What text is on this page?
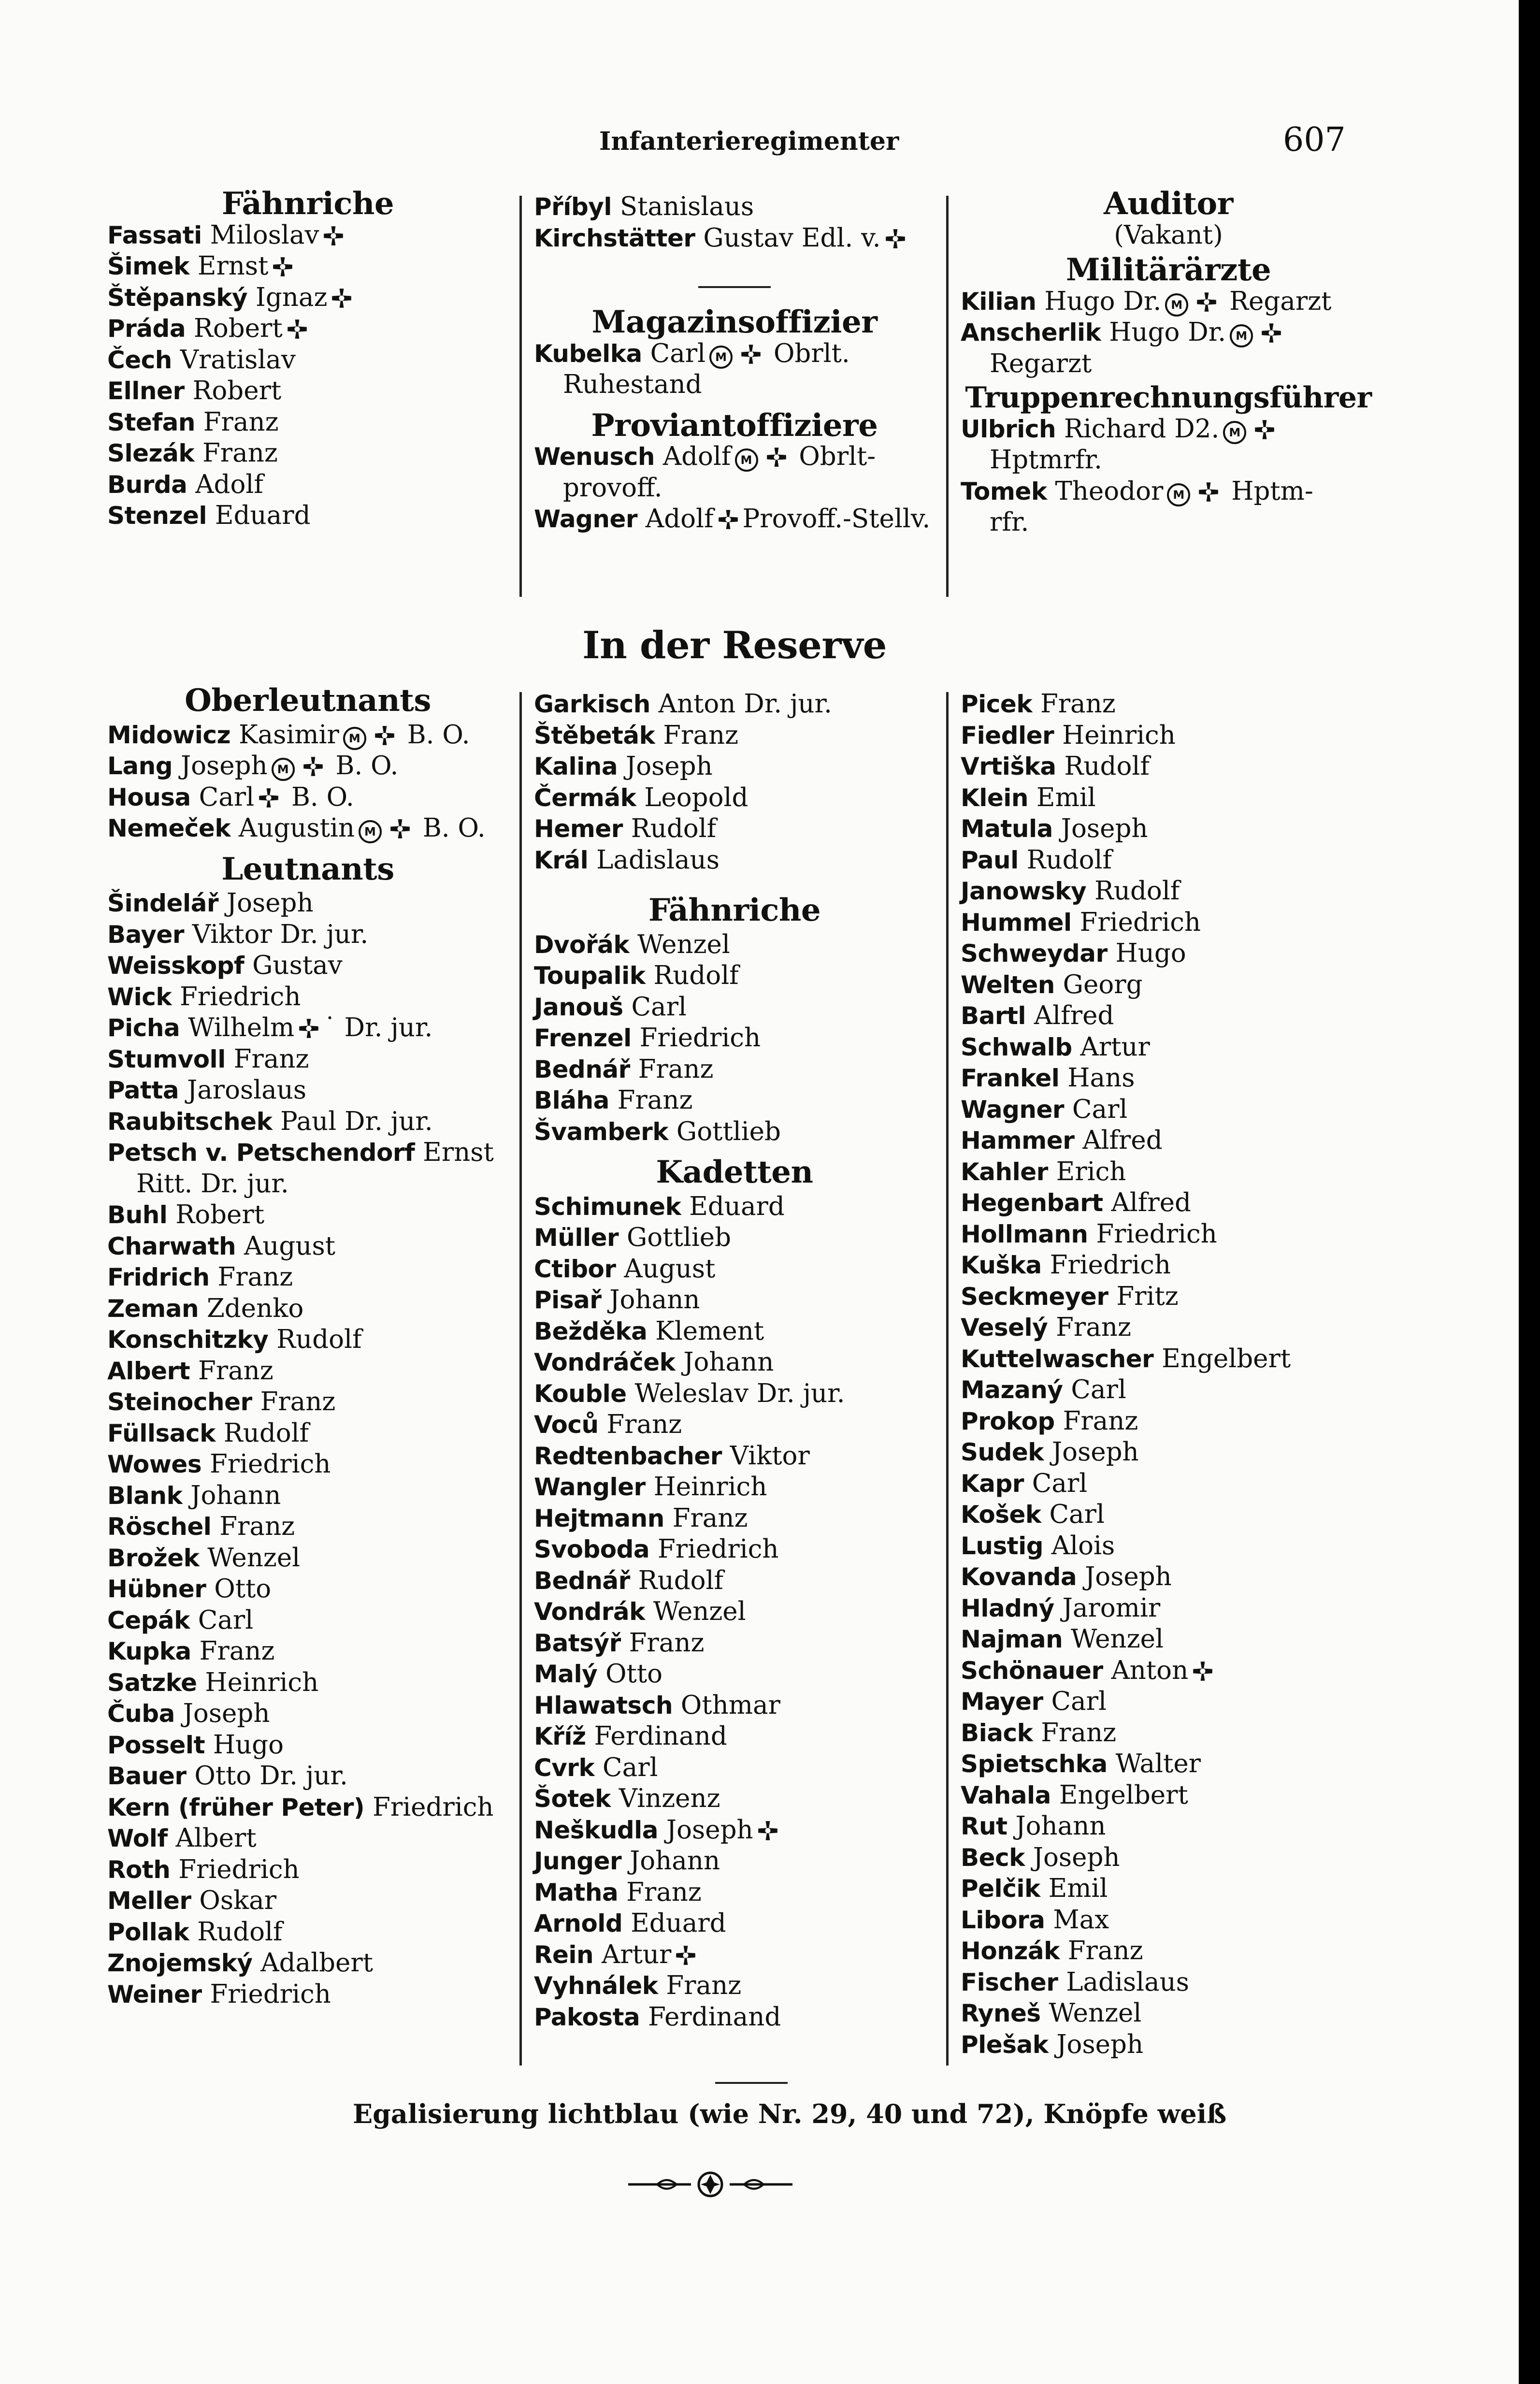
Infanterieregimenter	607
Fähnriche
Fassati Miloslav
Šimek Ernst
Štěpanský Ignaz
Práda Robert
Čech Vratislav
Ellner Robert
Stefan Franz
Slezák Franz
Burda Adolf
Stenzel Eduard
Oberleutnants
Midowicz Kasimir M B. O.
Lang Joseph M B. O.
Housa Carl B. O.
Nemeček Augustin M B. O.
Leutnants
Šindelář Joseph
Bayer Viktor Dr. jur.
Weisskopf Gustav
Wick Friedrich
Picha Wilhelm ˙ Dr. jur.
Stumvoll Franz
Patta Jaroslaus
Raubitschek Paul Dr. jur.
Petsch v. Petschendorf Ernst
Ritt. Dr. jur.
Buhl Robert
Charwath August
Fridrich Franz
Zeman Zdenko
Konschitzky Rudolf
Albert Franz
Steinocher Franz
Füllsack Rudolf
Wowes Friedrich
Blank Johann
Röschel Franz
Brožek Wenzel
Hübner Otto
Cepák Carl
Kupka Franz
Satzke Heinrich
Čuba Joseph
Posselt Hugo
Bauer Otto Dr. jur.
Kern (früher Peter) Friedrich
Wolf Albert
Roth Friedrich
Meller Oskar
Pollak Rudolf
Znojemský Adalbert
Weiner Friedrich
Příbyl Stanislaus
Kirchstätter Gustav Edl. v.
Magazinsoffizier
Kubelka Carl M Obrlt.
Ruhestand
Proviantoffiziere
Wenusch Adolf M Obrlt-
provoff.
Wagner Adolf Provoff.-Stellv.
In der Reserve
Garkisch Anton Dr. jur.
Štěbeták Franz
Kalina Joseph
Čermák Leopold
Hemer Rudolf
Král Ladislaus
Fähnriche
Dvořák Wenzel
Toupalik Rudolf
Janouš Carl
Frenzel Friedrich
Bednář Franz
Bláha Franz
Švamberk Gottlieb
Kadetten
Schimunek Eduard
Müller Gottlieb
Ctibor August
Pisař Johann
Bežděka Klement
Vondráček Johann
Kouble Weleslav Dr. jur.
Voců Franz
Redtenbacher Viktor
Wangler Heinrich
Hejtmann Franz
Svoboda Friedrich
Bednář Rudolf
Vondrák Wenzel
Batsýř Franz
Malý Otto
Hlawatsch Othmar
Kříž Ferdinand
Cvrk Carl
Šotek Vinzenz
Neškudla Joseph
Junger Johann
Matha Franz
Arnold Eduard
Rein Artur
Vyhnálek Franz
Pakosta Ferdinand
Auditor
(Vakant)
Militärärzte
Kilian Hugo Dr. M Regarzt
Anscherlik Hugo Dr. M
Regarzt
Truppenrechnungsführer
Ulbrich Richard D2. M
Hptmrfr.
Tomek Theodor M Hptm-
rfr.
Picek Franz
Fiedler Heinrich
Vrtiška Rudolf
Klein Emil
Matula Joseph
Paul Rudolf
Janowsky Rudolf
Hummel Friedrich
Schweydar Hugo
Welten Georg
Bartl Alfred
Schwalb Artur
Frankel Hans
Wagner Carl
Hammer Alfred
Kahler Erich
Hegenbart Alfred
Hollmann Friedrich
Kuška Friedrich
Seckmeyer Fritz
Veselý Franz
Kuttelwascher Engelbert
Mazaný Carl
Prokop Franz
Sudek Joseph
Kapr Carl
Košek Carl
Lustig Alois
Kovanda Joseph
Hladný Jaromir
Najman Wenzel
Schönauer Anton
Mayer Carl
Biack Franz
Spietschka Walter
Vahala Engelbert
Rut Johann
Beck Joseph
Pelčik Emil
Libora Max
Honzák Franz
Fischer Ladislaus
Ryneš Wenzel
Plešak Joseph
Egalisierung lichtblau (wie Nr. 29, 40 und 72), Knöpfe weiß
